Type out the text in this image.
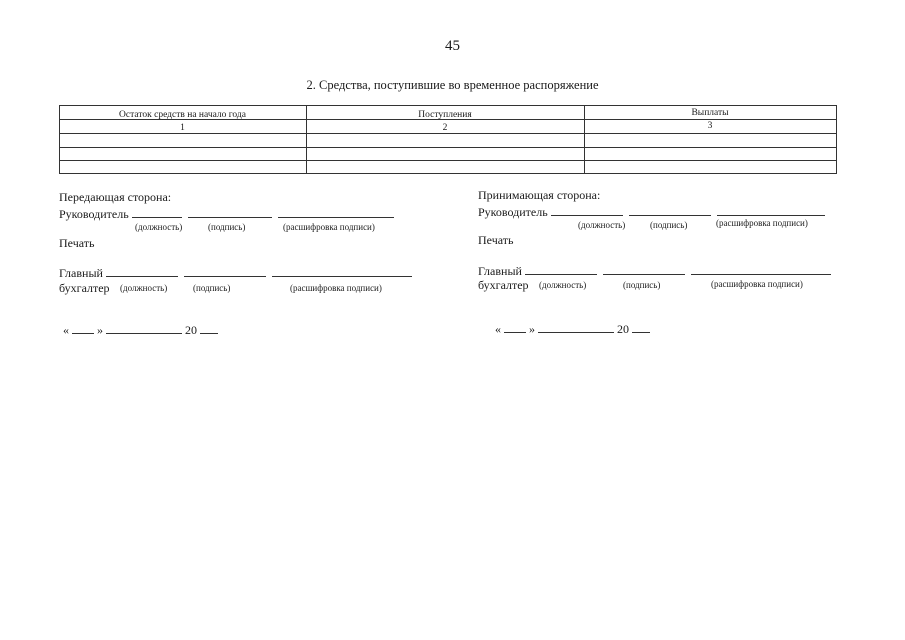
45
2. Средства, поступившие во временное распоряжение
Остаток средств на начало года	Поступления	Выплаты
1	2	3
Передающая сторона:
Руководитель
(должность)	(подпись)	(расшифровка подписи)
Печать
Главный
бухгалтер (должность)	(подпись)	(расшифровка подписи)
« »	20
Принимающая сторона:
Руководитель
(должность)	(подпись)	(расшифровка подписи)
Печать
Главный
бухгалтер (должность)	(подпись)	(расшифровка подписи)
« »	20
